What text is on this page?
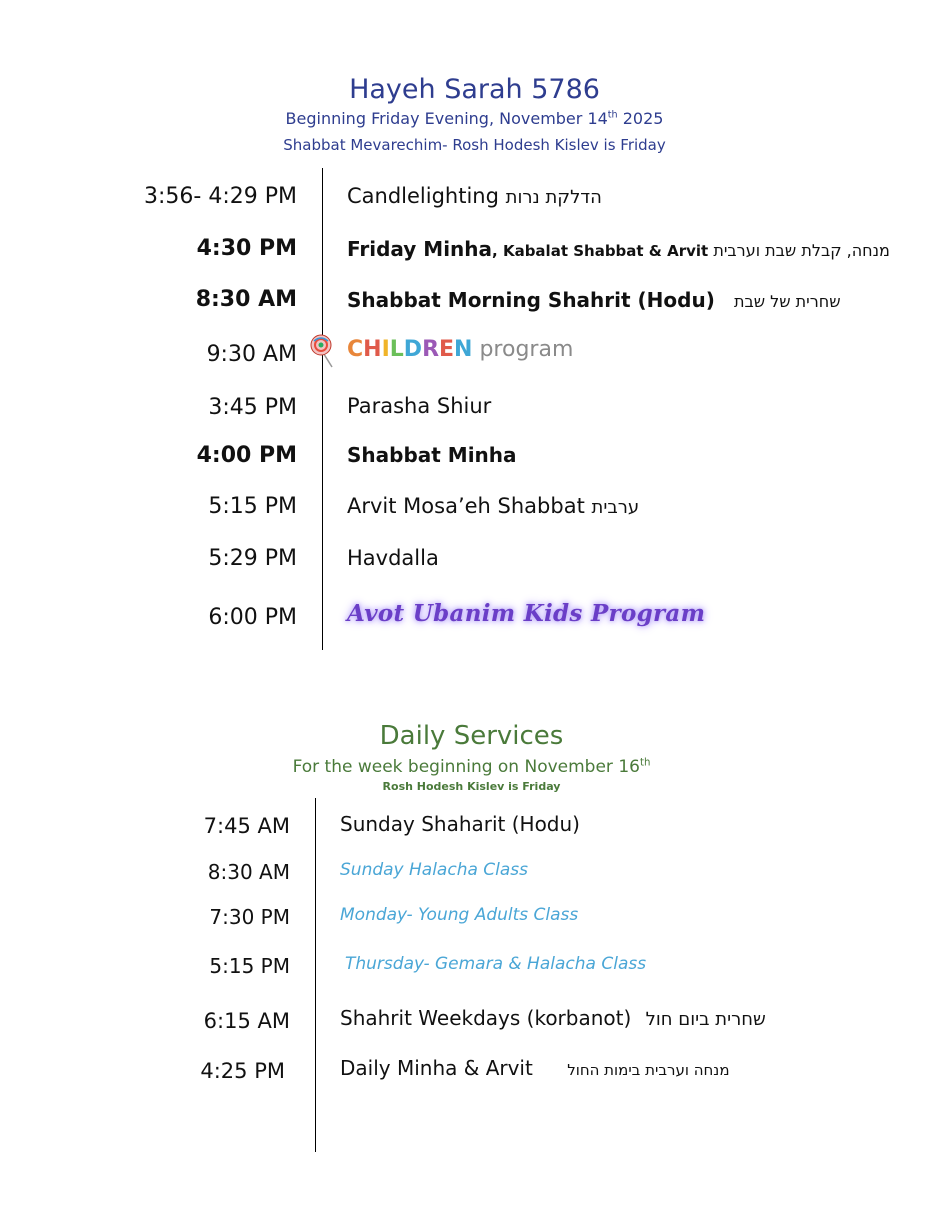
Hayeh Sarah 5786
Beginning Friday Evening, November 14th 2025
Shabbat Mevarechim- Rosh Hodesh Kislev is Friday
3:56- 4:29 PM Candlelighting הדלקת נרות
4:30 PM	Friday Minha, Kabalat Shabbat & Arvit מנחה, קבלת שבת וערבית
8:30 AM	Shabbat Morning Shahrit (Hodu) שחרית של שבת
9:30 AM CHILDREN program
3:45 PM Parasha Shiur
4:00 PM	Shabbat Minha
5:15 PM Arvit Mosa’eh Shabbat ערבית
5:29 PM Havdalla
6:00 PM Avot Ubanim Kids Program
Daily Services
For the week beginning on November 16th
Rosh Hodesh Kislev is Friday
7:45 AM	Sunday Shaharit (Hodu)
8:30 AM	Sunday Halacha Class
7:30 PM	Monday- Young Adults Class
5:15 PM	Thursday- Gemara & Halacha Class
6:15 AM	Shahrit Weekdays (korbanot) שחרית ביום חול
4:25 PM	Daily Minha & Arvit מנחה וערבית בימות החול
